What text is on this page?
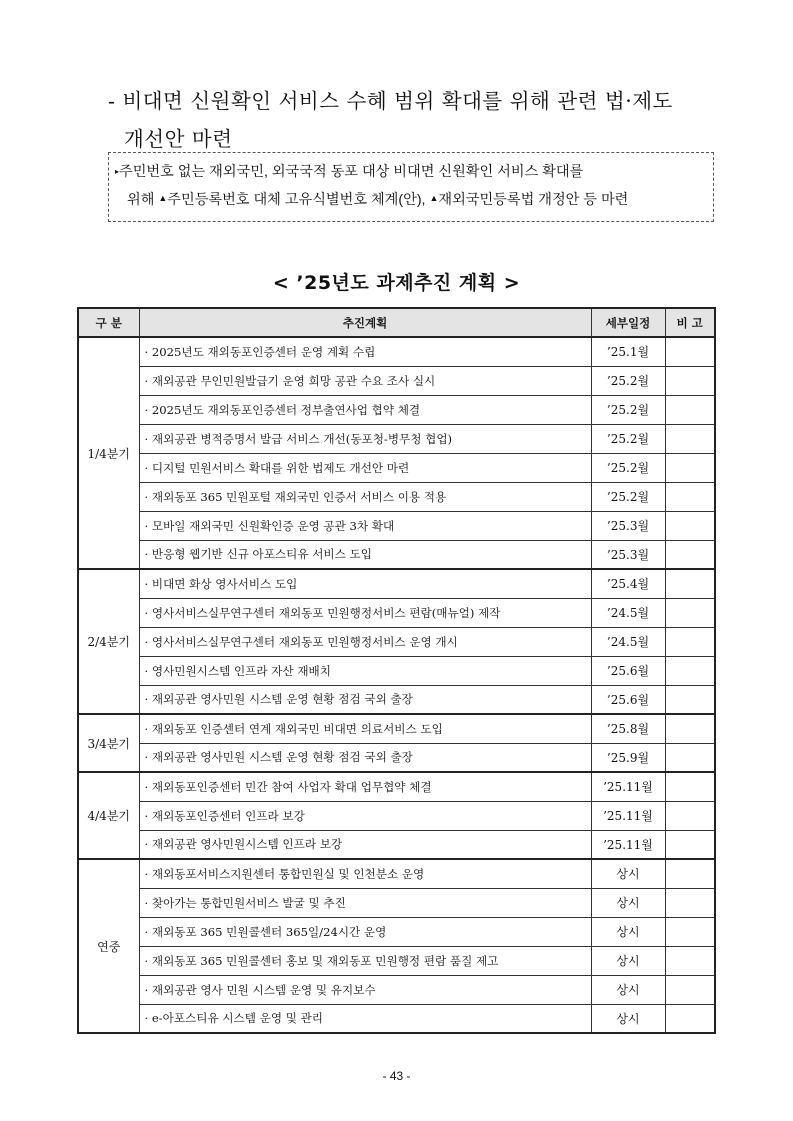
- 비대면 신원확인 서비스 수혜 범위 확대를 위해 관련 법·제도
개선안 마련
▸주민번호 없는 재외국민, 외국국적 동포 대상 비대면 신원확인 서비스 확대를
위해 ▲주민등록번호 대체 고유식별번호 체계(안), ▲재외국민등록법 개정안 등 마련
< ’25년도 과제추진 계획 >
구 분	추진계획	세부일정	비 고
1/4분기	· 2025년도 재외동포인증센터 운영 계획 수립	’25.1월	
	· 재외공관 무인민원발급기 운영 희망 공관 수요 조사 실시	’25.2월	
	· 2025년도 재외동포인증센터 정부출연사업 협약 체결	’25.2월	
	· 재외공관 병적증명서 발급 서비스 개선(동포청-병무청 협업)	’25.2월	
	· 디지털 민원서비스 확대를 위한 법제도 개선안 마련	’25.2월	
	· 재외동포 365 민원포털 재외국민 인증서 서비스 이용 적용	’25.2월	
	· 모바일 재외국민 신원확인증 운영 공관 3차 확대	’25.3월	
	· 반응형 웹기반 신규 아포스티유 서비스 도입	’25.3월	
2/4분기	· 비대면 화상 영사서비스 도입	’25.4월	
	· 영사서비스실무연구센터 재외동포 민원행정서비스 편람(매뉴얼) 제작	’24.5월	
	· 영사서비스실무연구센터 재외동포 민원행정서비스 운영 개시	’24.5월	
	· 영사민원시스템 인프라 자산 재배치	’25.6월	
	· 재외공관 영사민원 시스템 운영 현황 점검 국외 출장	’25.6월	
3/4분기	· 재외동포 인증센터 연계 재외국민 비대면 의료서비스 도입	’25.8월	
	· 재외공관 영사민원 시스템 운영 현황 점검 국외 출장	’25.9월	
4/4분기	· 재외동포인증센터 민간 참여 사업자 확대 업무협약 체결	’25.11월	
	· 재외동포인증센터 인프라 보강	’25.11월	
	· 재외공관 영사민원시스템 인프라 보강	’25.11월	
연중	· 재외동포서비스지원센터 통합민원실 및 인천분소 운영	상시	
	· 찾아가는 통합민원서비스 발굴 및 추진	상시	
	· 재외동포 365 민원콜센터 365일/24시간 운영	상시	
	· 재외동포 365 민원콜센터 홍보 및 재외동포 민원행정 편람 품질 제고	상시	
	· 재외공관 영사 민원 시스템 운영 및 유지보수	상시	
	· e-아포스티유 시스템 운영 및 관리	상시	
- 43 -
